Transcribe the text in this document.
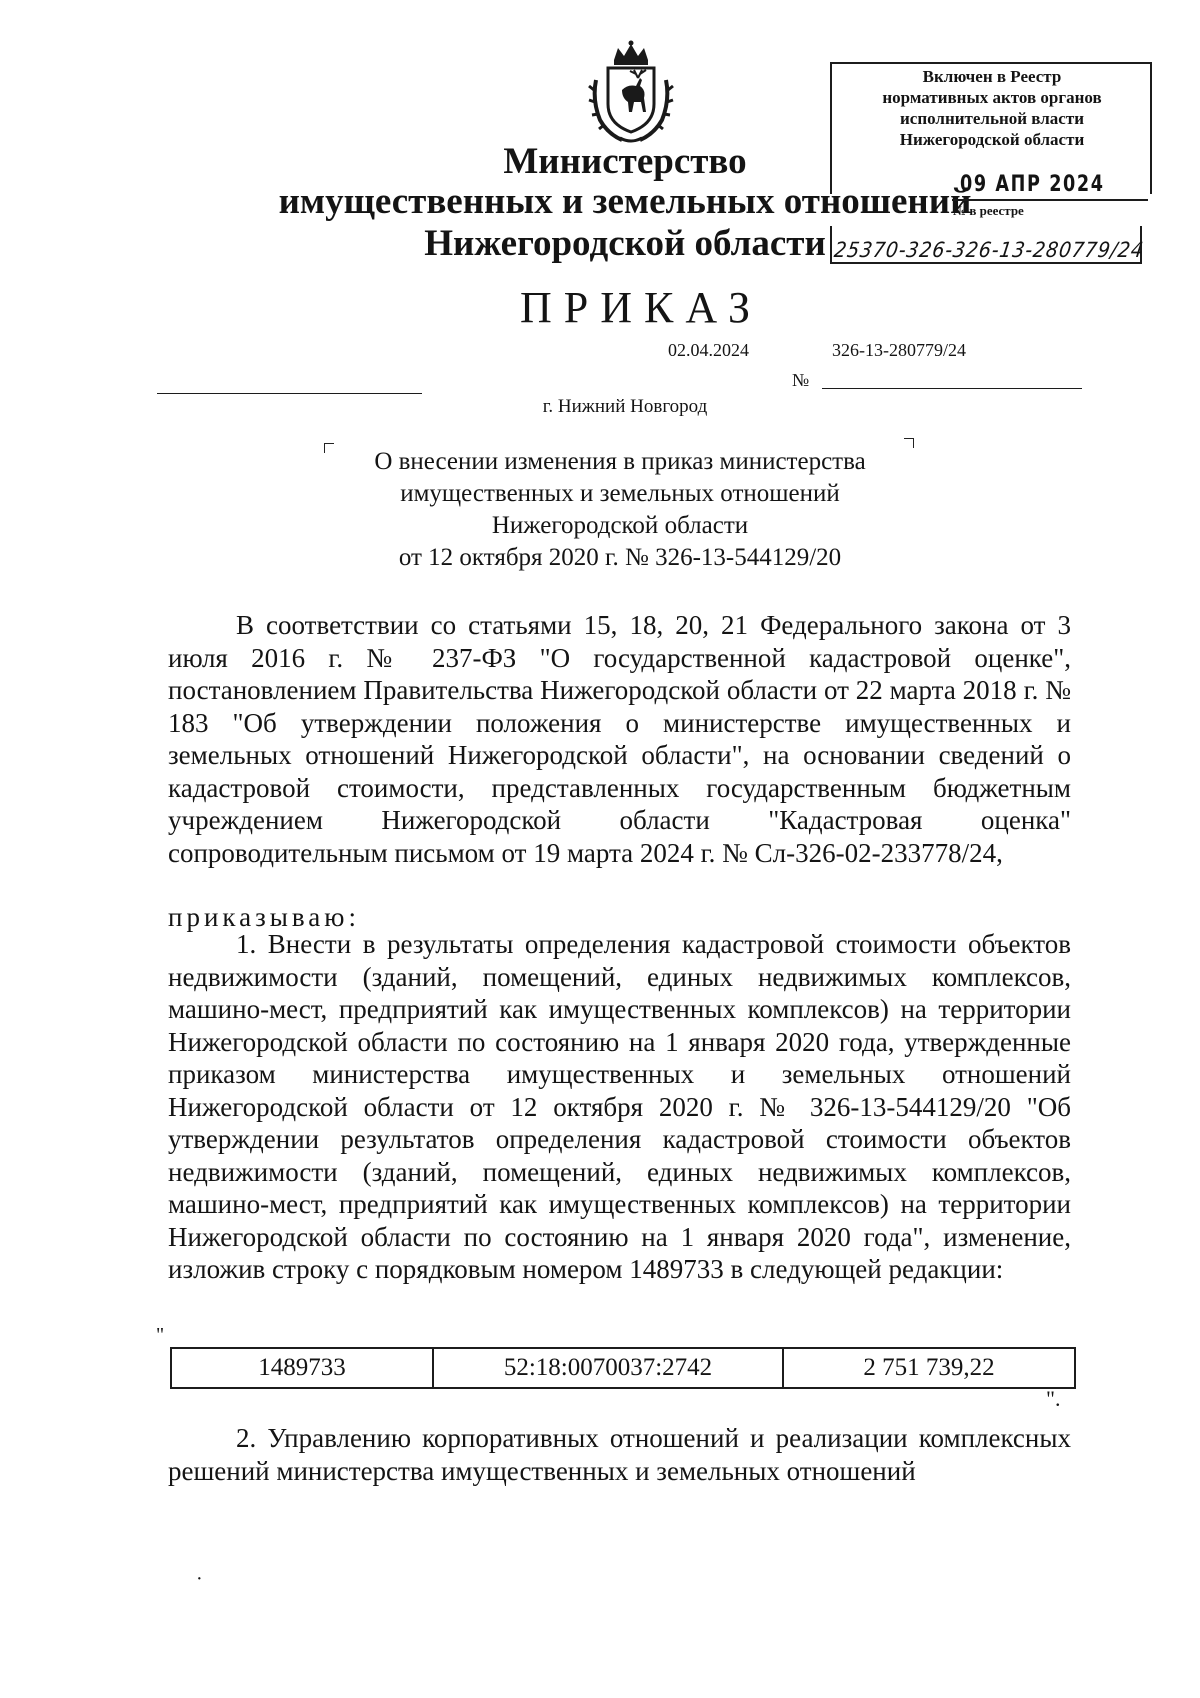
Министерство
имущественных и земельных отношений
Нижегородской области
Включен в Реестр
нормативных актов органов
исполнительной власти
Нижегородской области
09 АПР 2024
№ в реестре
25370-326-326-13-280779/24
ПРИКАЗ
02.04.2024	326-13-280779/24
№
г. Нижний Новгород
О внесении изменения в приказ министерства
имущественных и земельных отношений
Нижегородской области
от 12 октября 2020 г. № 326-13-544129/20
В соответствии со статьями 15, 18, 20, 21 Федерального закона от 3 июля 2016 г. № 237-ФЗ "О государственной кадастровой оценке", постановлением Правительства Нижегородской области от 22 марта 2018 г. № 183 "Об утверждении положения о министерстве имущественных и земельных отношений Нижегородской области", на основании сведений о кадастровой стоимости, представленных государственным бюджетным учреждением Нижегородской области "Кадастровая оценка" сопроводительным письмом от 19 марта 2024 г. № Сл-326-02-233778/24,
приказываю:
1. Внести в результаты определения кадастровой стоимости объектов недвижимости (зданий, помещений, единых недвижимых комплексов, машино-мест, предприятий как имущественных комплексов) на территории Нижегородской области по состоянию на 1 января 2020 года, утвержденные приказом министерства имущественных и земельных отношений Нижегородской области от 12 октября 2020 г. № 326-13-544129/20 "Об утверждении результатов определения кадастровой стоимости объектов недвижимости (зданий, помещений, единых недвижимых комплексов, машино-мест, предприятий как имущественных комплексов) на территории Нижегородской области по состоянию на 1 января 2020 года", изменение, изложив строку с порядковым номером 1489733 в следующей редакции:
"
1489733	52:18:0070037:2742	2 751 739,22
".
2. Управлению корпоративных отношений и реализации комплексных решений министерства имущественных и земельных отношений
·
